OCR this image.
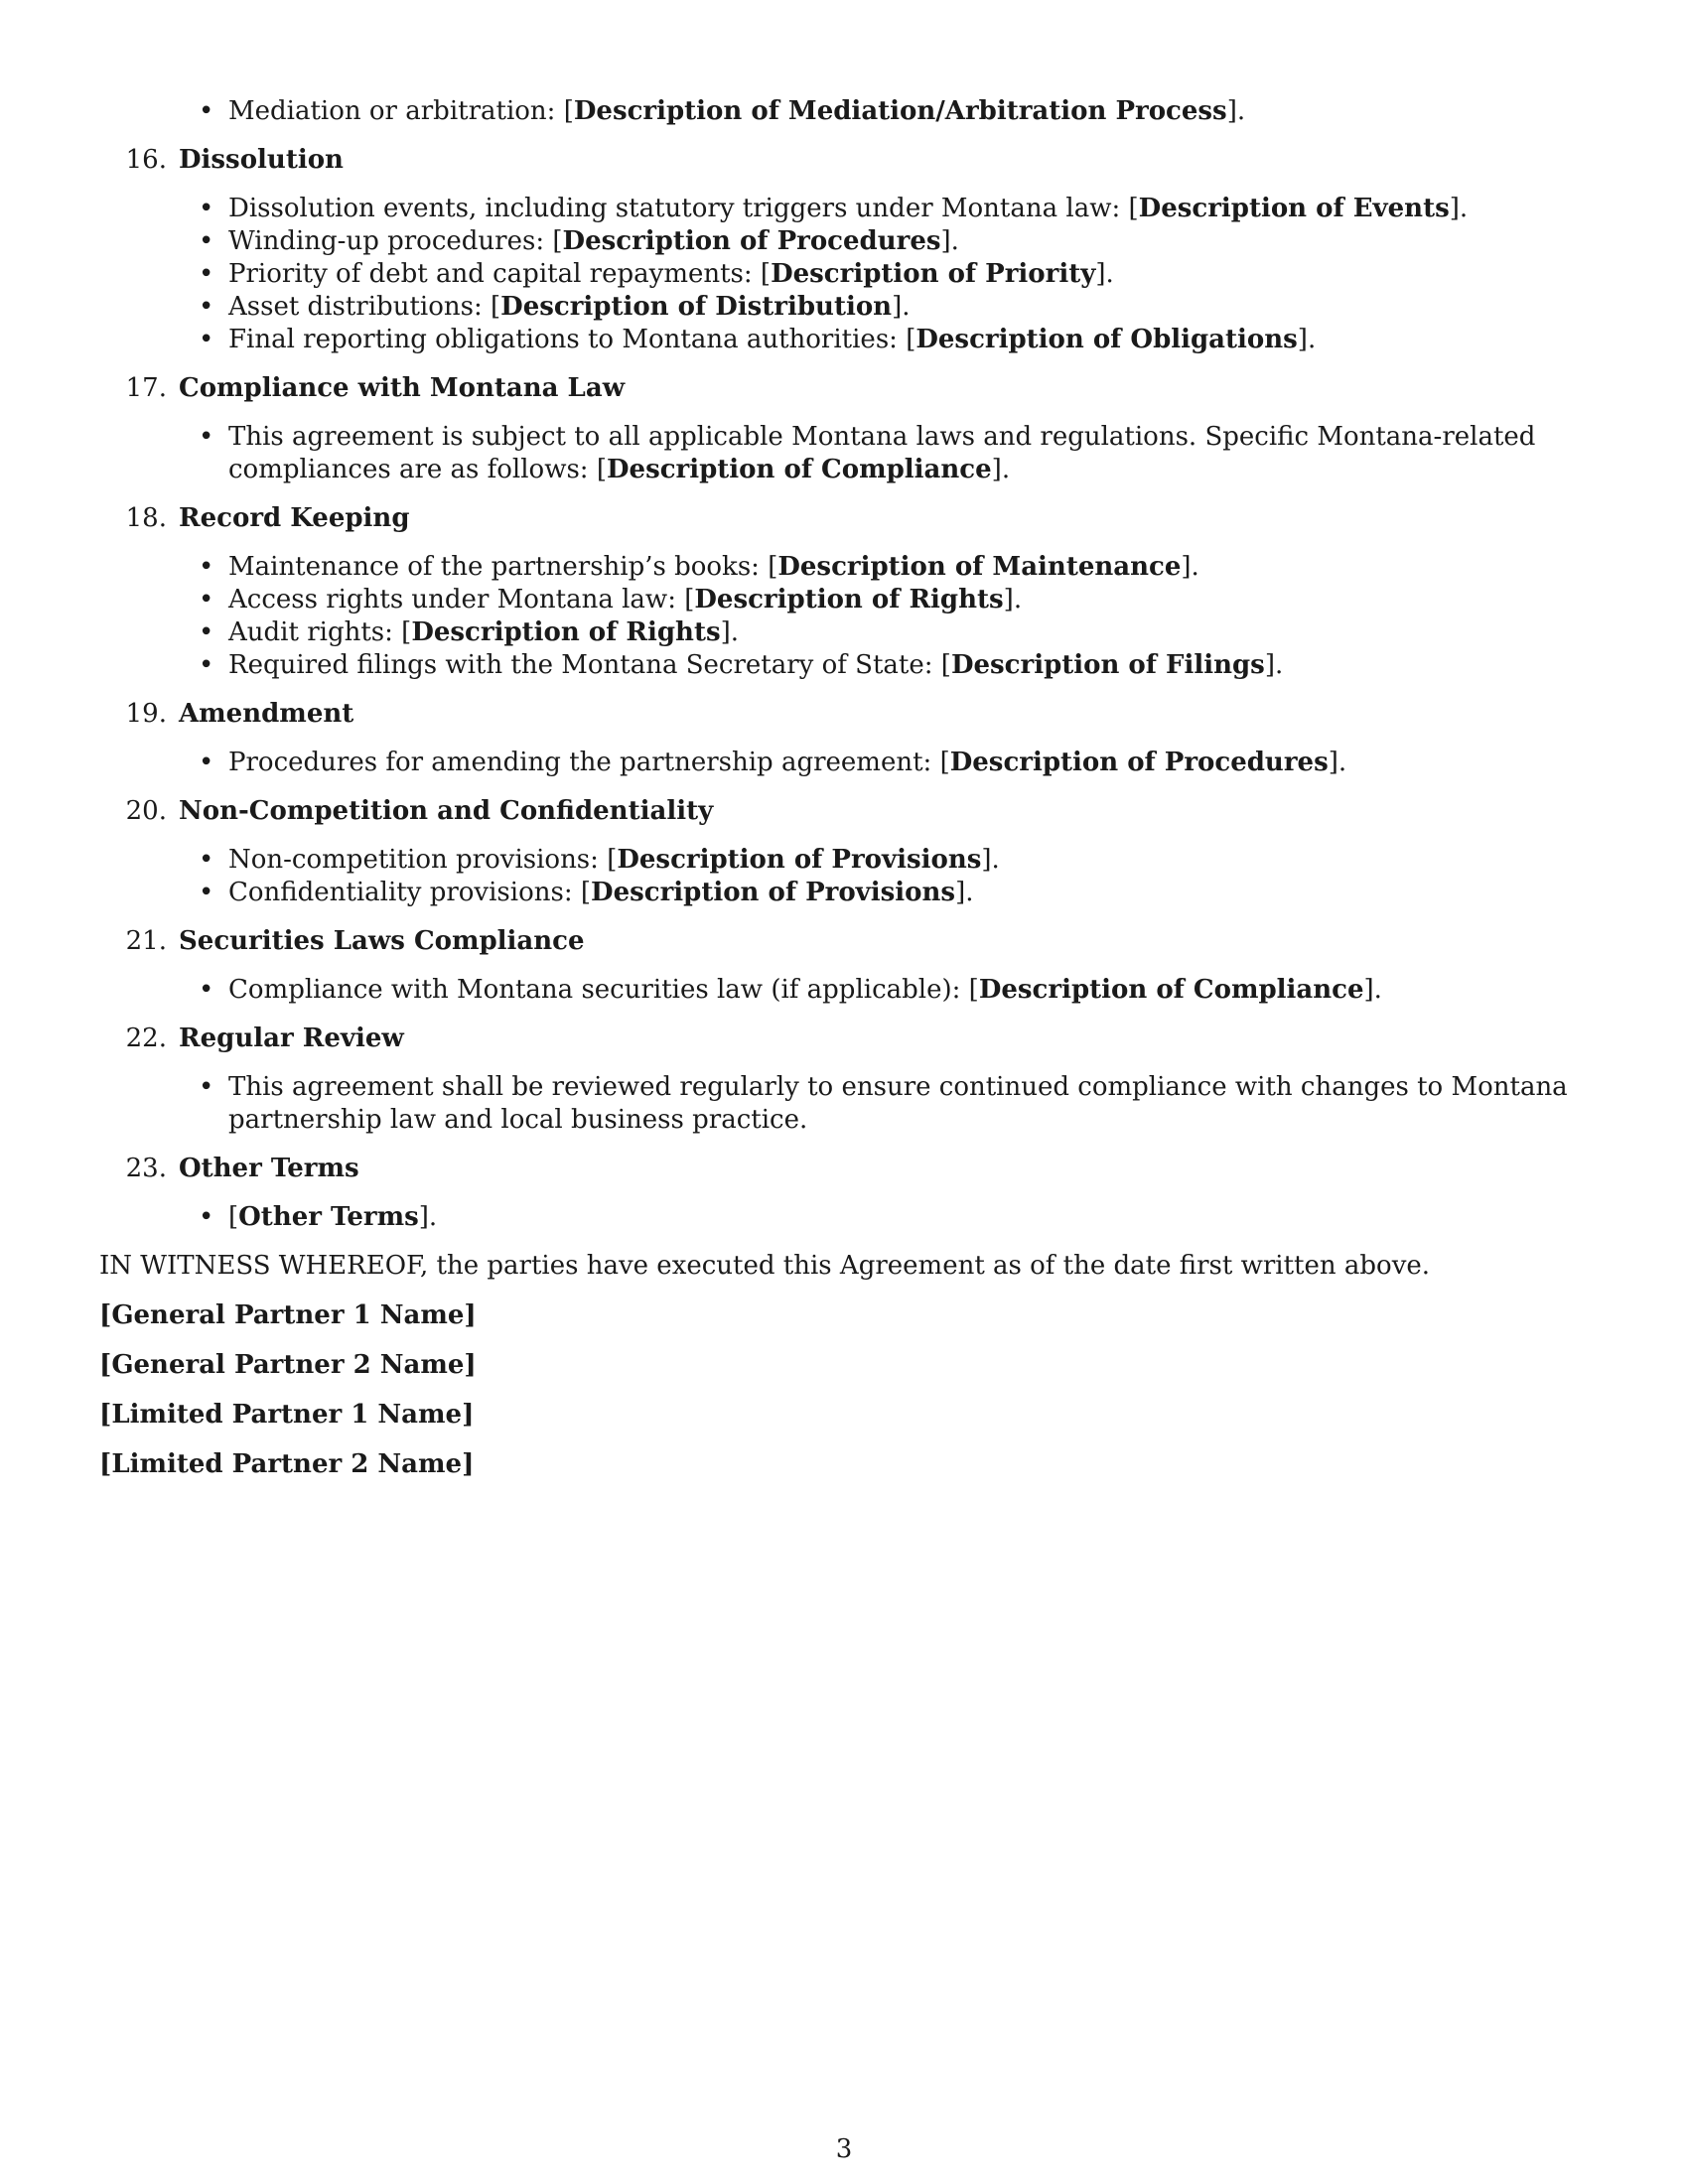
• Mediation or arbitration: [Description of Mediation/Arbitration Process].
16. Dissolution
• Dissolution events, including statutory triggers under Montana law: [Description of Events].
• Winding-up procedures: [Description of Procedures].
• Priority of debt and capital repayments: [Description of Priority].
• Asset distributions: [Description of Distribution].
• Final reporting obligations to Montana authorities: [Description of Obligations].
17. Compliance with Montana Law
• This agreement is subject to all applicable Montana laws and regulations. Specific Montana-related compliances are as follows: [Description of Compliance].
18. Record Keeping
• Maintenance of the partnership’s books: [Description of Maintenance].
• Access rights under Montana law: [Description of Rights].
• Audit rights: [Description of Rights].
• Required filings with the Montana Secretary of State: [Description of Filings].
19. Amendment
• Procedures for amending the partnership agreement: [Description of Procedures].
20. Non-Competition and Confidentiality
• Non-competition provisions: [Description of Provisions].
• Confidentiality provisions: [Description of Provisions].
21. Securities Laws Compliance
• Compliance with Montana securities law (if applicable): [Description of Compliance].
22. Regular Review
• This agreement shall be reviewed regularly to ensure continued compliance with changes to Montana partnership law and local business practice.
23. Other Terms
• [Other Terms].
IN WITNESS WHEREOF, the parties have executed this Agreement as of the date first written above.
[General Partner 1 Name]
[General Partner 2 Name]
[Limited Partner 1 Name]
[Limited Partner 2 Name]
3
